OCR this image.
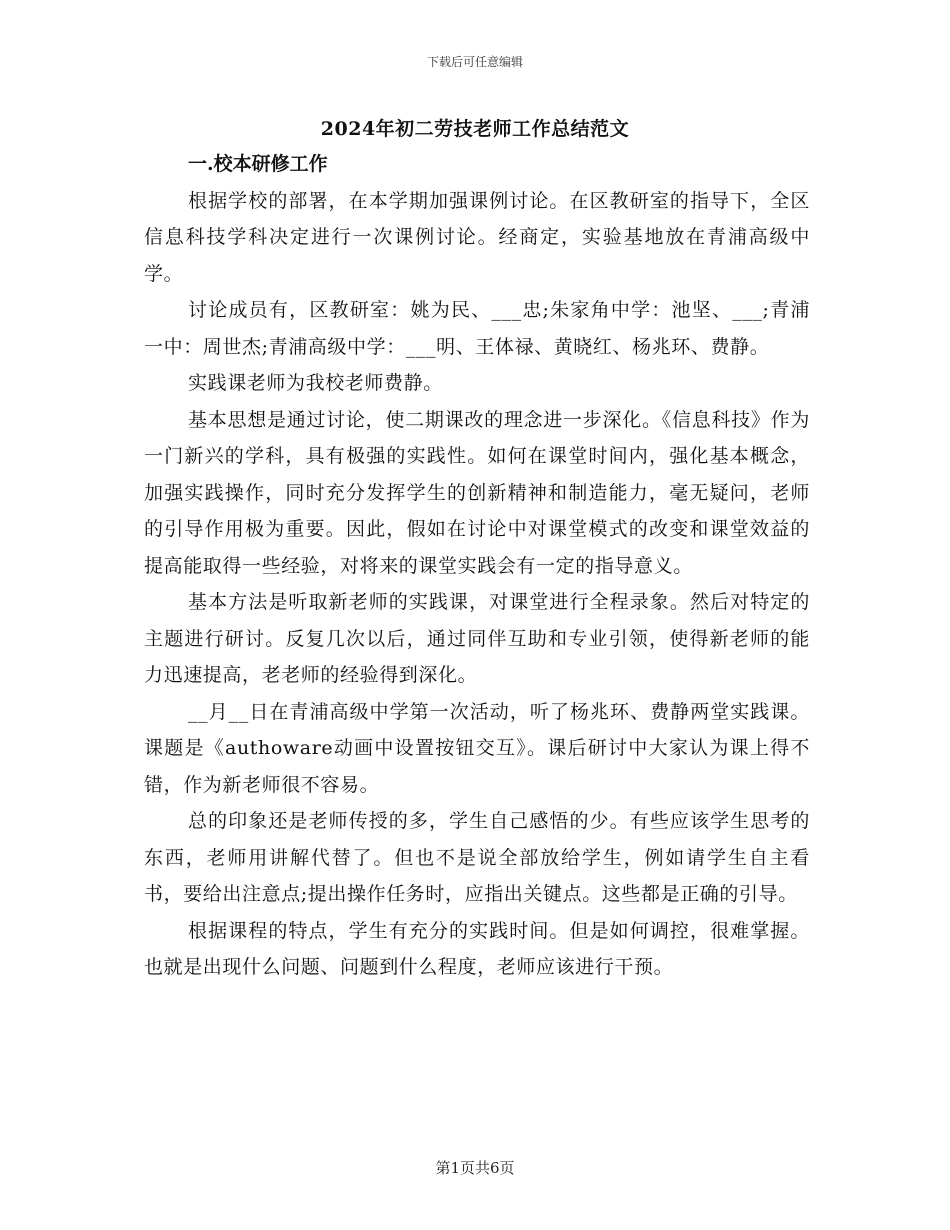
下载后可任意编辑
2024年初二劳技老师工作总结范文

一.校本研修工作

根据学校的部署，在本学期加强课例讨论。在区教研室的指导下，全区信息科技学科决定进行一次课例讨论。经商定，实验基地放在青浦高级中学。

讨论成员有，区教研室：姚为民、___忠;朱家角中学：池坚、___;青浦一中：周世杰;青浦高级中学：___明、王体禄、黄晓红、杨兆环、费静。

实践课老师为我校老师费静。

基本思想是通过讨论，使二期课改的理念进一步深化。《信息科技》作为一门新兴的学科，具有极强的实践性。如何在课堂时间内，强化基本概念，加强实践操作，同时充分发挥学生的创新精神和制造能力，毫无疑问，老师的引导作用极为重要。因此，假如在讨论中对课堂模式的改变和课堂效益的提高能取得一些经验，对将来的课堂实践会有一定的指导意义。

基本方法是听取新老师的实践课，对课堂进行全程录象。然后对特定的主题进行研讨。反复几次以后，通过同伴互助和专业引领，使得新老师的能力迅速提高，老老师的经验得到深化。

__月__日在青浦高级中学第一次活动，听了杨兆环、费静两堂实践课。课题是《authoware动画中设置按钮交互》。课后研讨中大家认为课上得不错，作为新老师很不容易。

总的印象还是老师传授的多，学生自己感悟的少。有些应该学生思考的东西，老师用讲解代替了。但也不是说全部放给学生，例如请学生自主看书，要给出注意点;提出操作任务时，应指出关键点。这些都是正确的引导。

根据课程的特点，学生有充分的实践时间。但是如何调控，很难掌握。也就是出现什么问题、问题到什么程度，老师应该进行干预。

第1页共6页
